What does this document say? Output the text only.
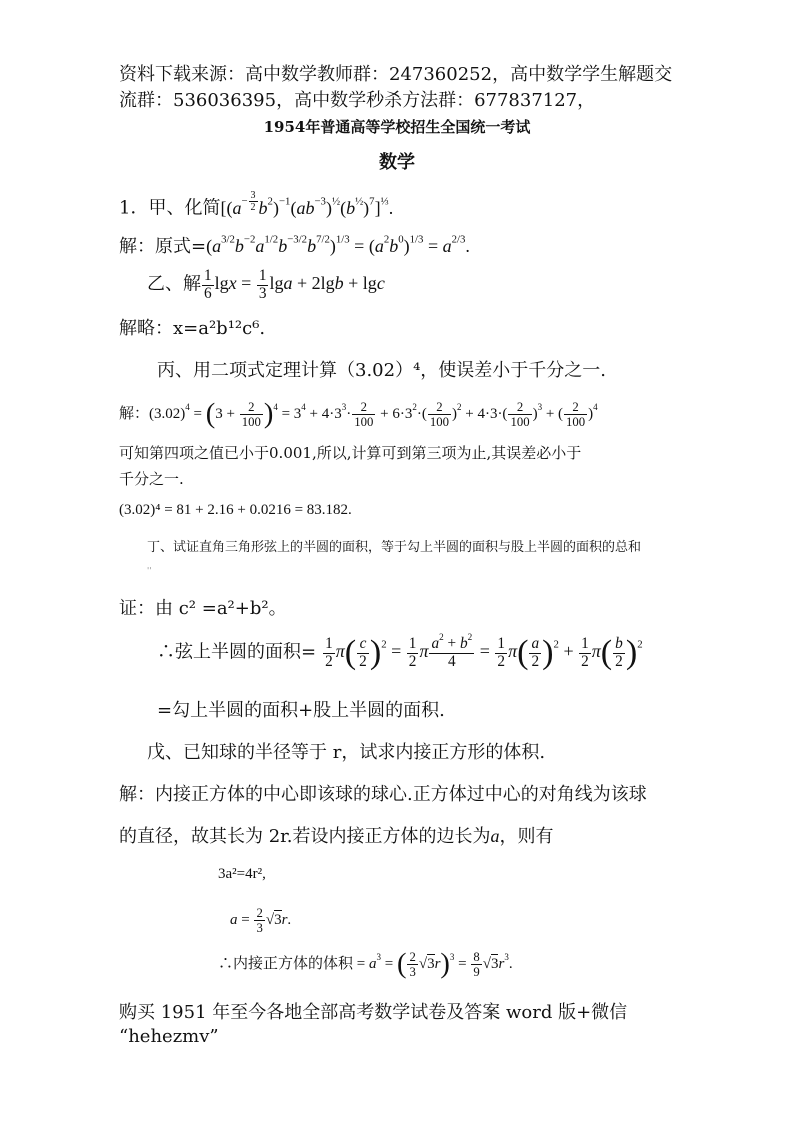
资料下载来源：高中数学教师群：247360252，高中数学学生解题交
流群：536036395，高中数学秒杀方法群：677837127，
1954年普通高等学校招生全国统一考试
数学
1．甲、化简[($a^{- \frac{3}{2}}$ $b^2)^{-1}(ab^{-3})^{\frac{1}{2}}(b^{\frac{1}{2}})^7]^{\frac{1}{3}}$.
解：原式$=(a^{3/2}b^{-2}a^{1/2}b^{-3/2}b^{7/2})^{1/3} = (a^2b^0)^{1/3} = a^{2/3}$.
乙、解 $\frac{1}{6}$ $\lg x = \frac{1}{3}$ lga + 2lgb + lgc
解略：x=a²b¹²c⁶.
丙、用二项式定理计算（3.02）⁴，使误差小于千分之一.
解：$(3.02)^4 = (3 + \frac{2}{100} )^4 = 3^4 + 4\cdot 3^3\cdot \frac{2}{100} + 6\cdot 3^2\cdot( \frac{2}{100} )^2 + 4\cdot 3\cdot( \frac{2}{100} )^3$ + ( $\frac{2}{100} )^4$
可知第四项之值已小于0.001,所以,计算可到第三项为止,其误差必小于
千分之一.
(3.02)⁴ = 81 + 2.16 + 0.0216 = 83.182.
丁、试证直角三角形弦上的半圆的面积，等于勾上半圆的面积与股上半圆的面积的总和
''
证：由 c² =a²+b²。
∴弦上半圆的面积= $\frac{1}{2} \pi( \frac{c}{2} )^2 = \frac{1}{2}$ π $\frac{a^2 + b^2}{4} = \frac{1}{2} \pi( \frac{a}{2} )^2 + \frac{1}{2} \pi( \frac{b}{2} )^2$
=勾上半圆的面积+股上半圆的面积.
戊、已知球的半径等于 r，试求内接正方形的体积.
解：内接正方体的中心即该球的球心.正方体过中心的对角线为该球
的直径，故其长为 2r.若设内接正方体的边长为a，则有
3a²=4r²,
$a = \frac{2}{3} √3r$.
∴内接正方体的体积 = $a^3$ = ( $\frac{2}{3} √3r)^3 = \frac{8}{9} √3r^3$.
购买 1951 年至今各地全部高考数学试卷及答案 word 版+微信
“hehezmv”
